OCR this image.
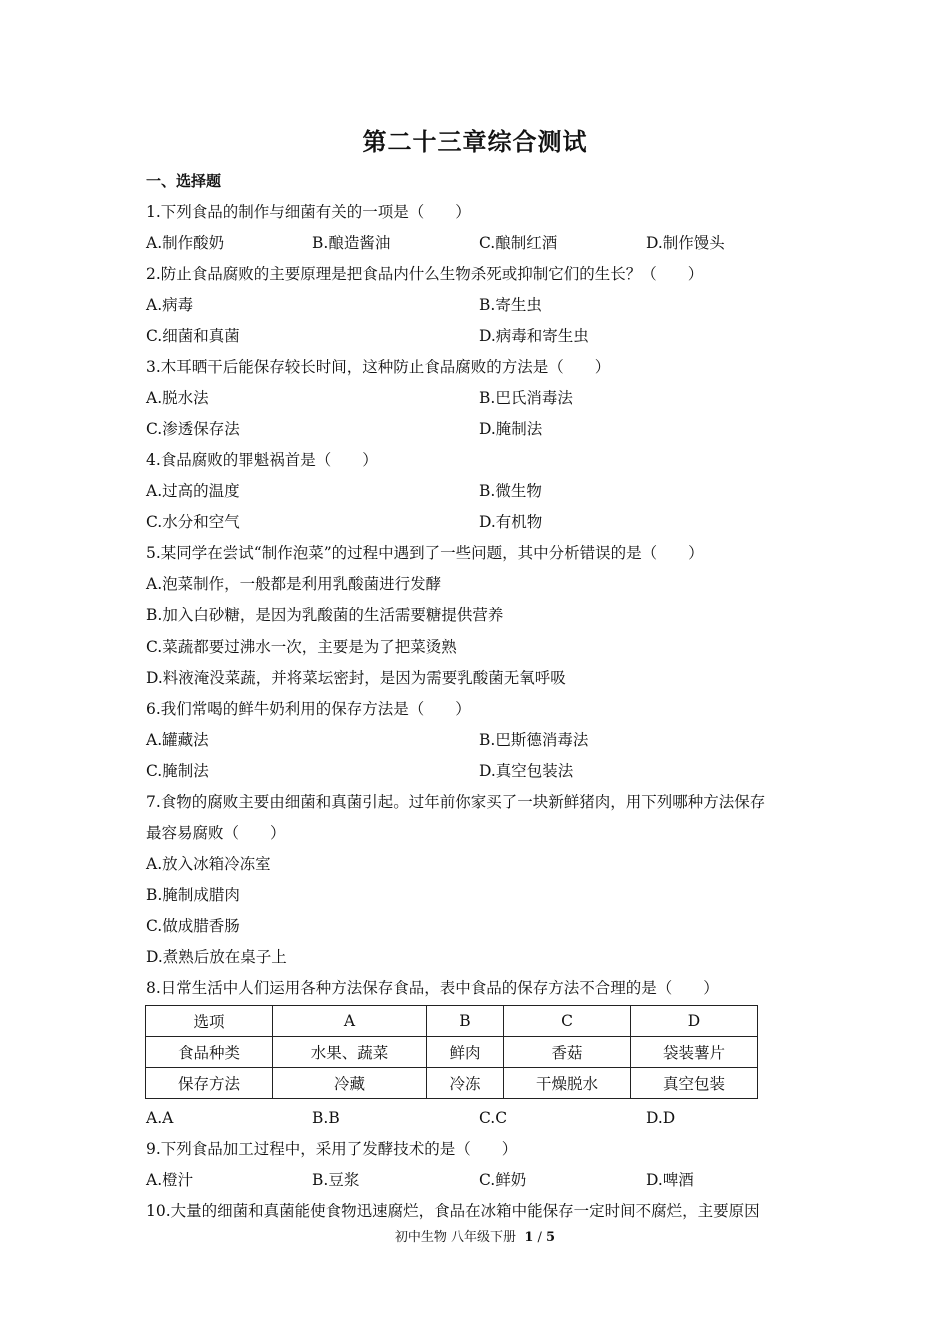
第二十三章综合测试
一、选择题
1.下列食品的制作与细菌有关的一项是（　　）
A.制作酸奶	B.酿造酱油	C.酿制红酒	D.制作馒头
2.防止食品腐败的主要原理是把食品内什么生物杀死或抑制它们的生长？（　　）
A.病毒	B.寄生虫
C.细菌和真菌	D.病毒和寄生虫
3.木耳晒干后能保存较长时间，这种防止食品腐败的方法是（　　）
A.脱水法	B.巴氏消毒法
C.渗透保存法	D.腌制法
4.食品腐败的罪魁祸首是（　　）
A.过高的温度	B.微生物
C.水分和空气	D.有机物
5.某同学在尝试“制作泡菜”的过程中遇到了一些问题，其中分析错误的是（　　）
A.泡菜制作，一般都是利用乳酸菌进行发酵
B.加入白砂糖，是因为乳酸菌的生活需要糖提供营养
C.菜蔬都要过沸水一次，主要是为了把菜烫熟
D.料液淹没菜蔬，并将菜坛密封，是因为需要乳酸菌无氧呼吸
6.我们常喝的鲜牛奶利用的保存方法是（　　）
A.罐藏法	B.巴斯德消毒法
C.腌制法	D.真空包装法
7.食物的腐败主要由细菌和真菌引起。过年前你家买了一块新鲜猪肉，用下列哪种方法保存
最容易腐败（　　）
A.放入冰箱冷冻室
B.腌制成腊肉
C.做成腊香肠
D.煮熟后放在桌子上
8.日常生活中人们运用各种方法保存食品，表中食品的保存方法不合理的是（　　）
选项	A	B	C	D
食品种类	水果、蔬菜	鲜肉	香菇	袋装薯片
保存方法	冷藏	冷冻	干燥脱水	真空包装
A.A	B.B	C.C	D.D
9.下列食品加工过程中，采用了发酵技术的是（　　）
A.橙汁	B.豆浆	C.鲜奶	D.啤酒
10.大量的细菌和真菌能使食物迅速腐烂，食品在冰箱中能保存一定时间不腐烂，主要原因
初中生物 八年级下册 1 / 5
